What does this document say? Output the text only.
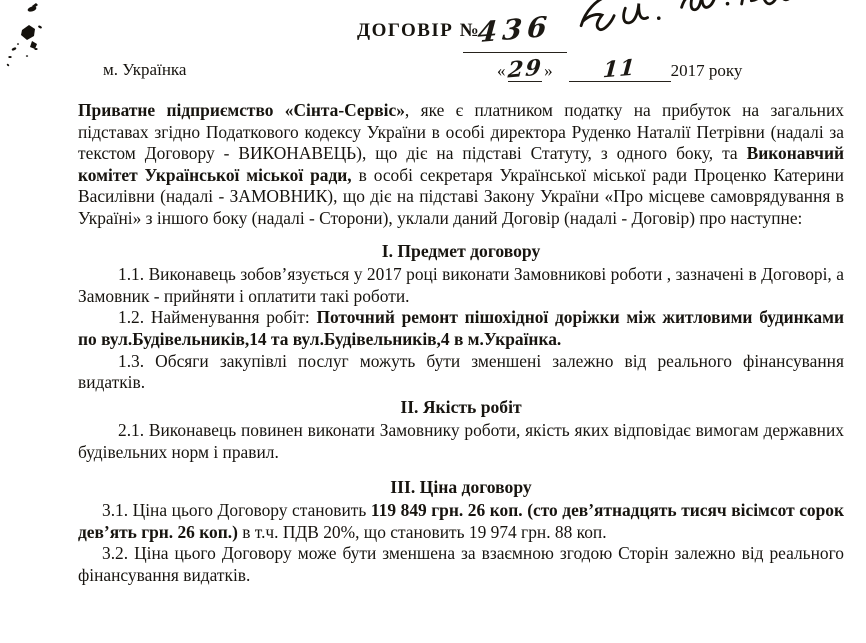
ДОГОВІР №
436
м. Українка	« 29 »	11	2017 року

Приватне підприємство «Сінта-Сервіс», яке є платником податку на прибуток на загальних підставах згідно Податкового кодексу України в особі директора Руденко Наталії Петрівни (надалі за текстом Договору - ВИКОНАВЕЦЬ), що діє на підставі Статуту, з одного боку, та Виконавчий комітет Української міської ради, в особі секретаря Української міської ради Проценко Катерини Василівни (надалі - ЗАМОВНИК), що діє на підставі Закону України «Про місцеве самоврядування в Україні» з іншого боку (надалі - Сторони), уклали даний Договір (надалі - Договір) про наступне:

І. Предмет договору

1.1. Виконавець зобов’язується у 2017 році виконати Замовникові роботи , зазначені в Договорі, а Замовник - прийняти і оплатити такі роботи.

1.2. Найменування робіт: Поточний ремонт пішохідної доріжки між житловими будинками по вул.Будівельників,14 та вул.Будівельників,4 в м.Українка.

1.3. Обсяги закупівлі послуг можуть бути зменшені залежно від реального фінансування видатків.

ІІ. Якість робіт

2.1. Виконавець повинен виконати Замовнику роботи, якість яких відповідає вимогам державних будівельних норм і правил.

ІІІ. Ціна договору

3.1. Ціна цього Договору становить 119 849 грн. 26 коп. (сто дев’ятнадцять тисяч вісімсот сорок дев’ять грн. 26 коп.) в т.ч. ПДВ 20%, що становить 19 974 грн. 88 коп.

3.2. Ціна цього Договору може бути зменшена за взаємною згодою Сторін залежно від реального фінансування видатків.
